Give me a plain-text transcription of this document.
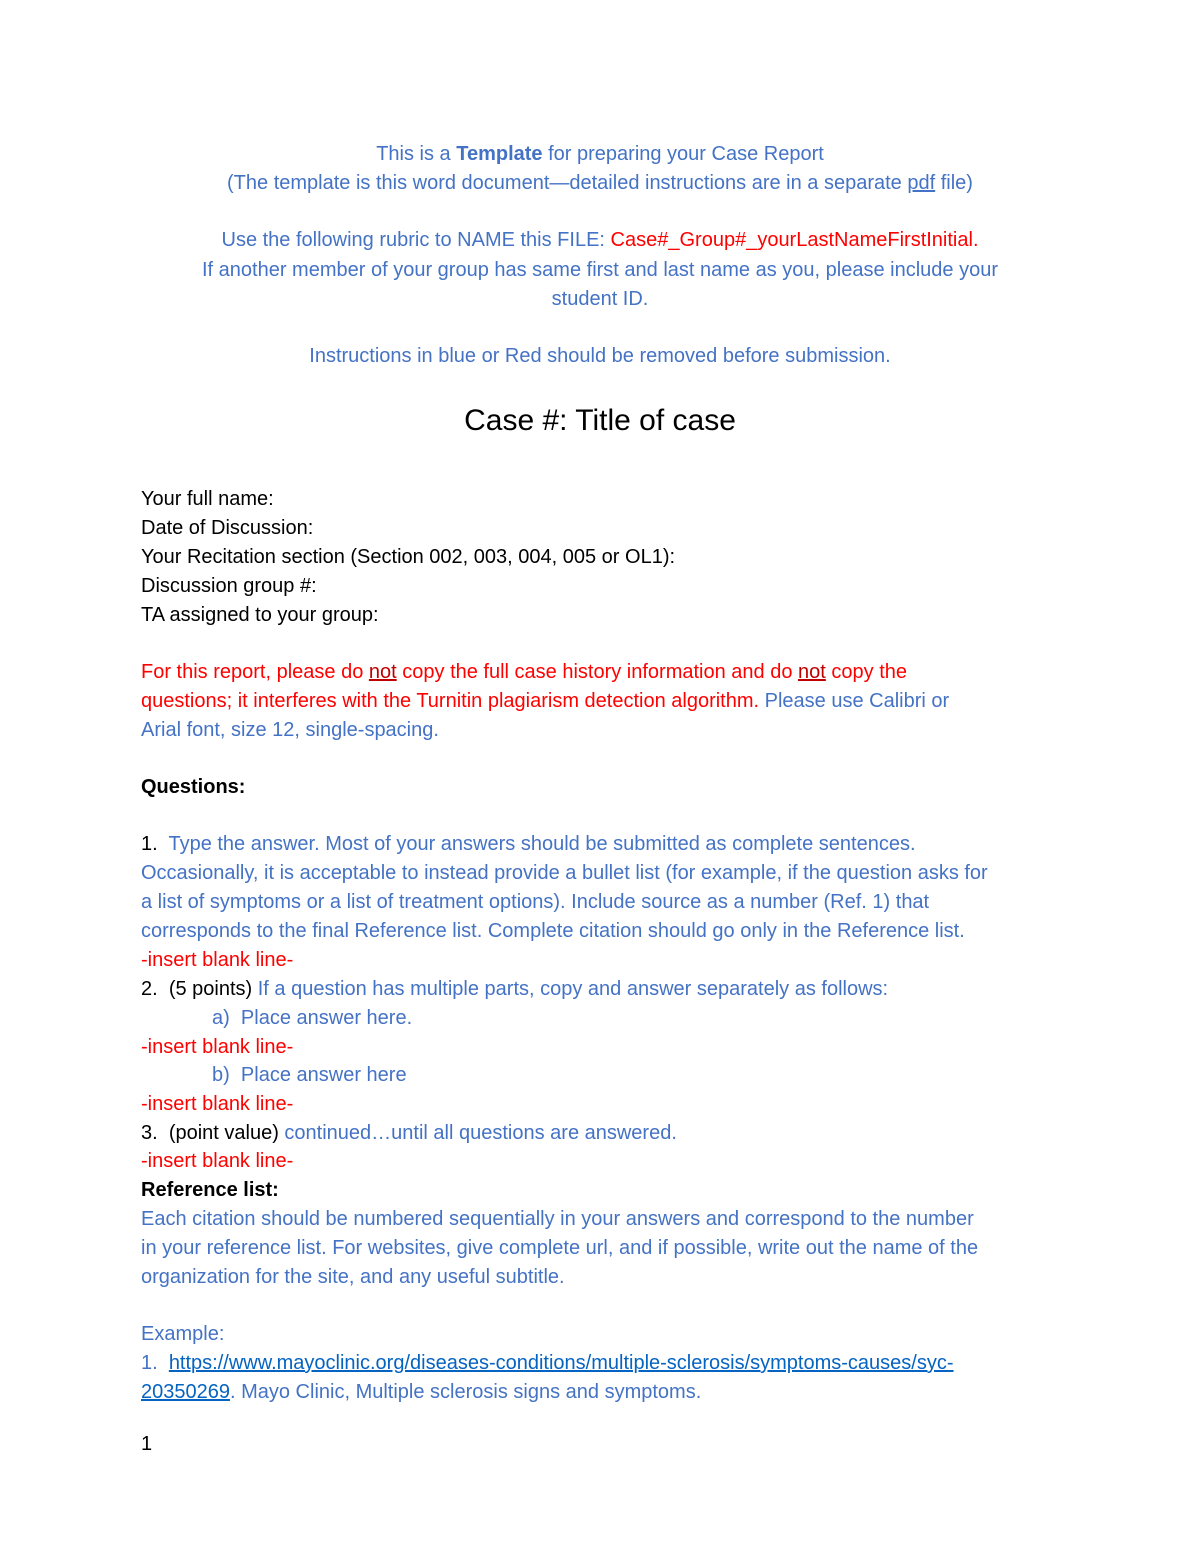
This is a Template for preparing your Case Report
(The template is this word document—detailed instructions are in a separate pdf file)
Use the following rubric to NAME this FILE: Case#_Group#_yourLastNameFirstInitial.
If another member of your group has same first and last name as you, please include your
student ID.
Instructions in blue or Red should be removed before submission.
Case #: Title of case
Your full name:
Date of Discussion:
Your Recitation section (Section 002, 003, 004, 005 or OL1):
Discussion group #:
TA assigned to your group:
For this report, please do not copy the full case history information and do not copy the
questions; it interferes with the Turnitin plagiarism detection algorithm. Please use Calibri or
Arial font, size 12, single-spacing.
Questions:
1. Type the answer. Most of your answers should be submitted as complete sentences.
Occasionally, it is acceptable to instead provide a bullet list (for example, if the question asks for
a list of symptoms or a list of treatment options). Include source as a number (Ref. 1) that
corresponds to the final Reference list. Complete citation should go only in the Reference list.
-insert blank line-
2. (5 points) If a question has multiple parts, copy and answer separately as follows:
a) Place answer here.
-insert blank line-
b) Place answer here
-insert blank line-
3. (point value) continued…until all questions are answered.
-insert blank line-
Reference list:
Each citation should be numbered sequentially in your answers and correspond to the number
in your reference list. For websites, give complete url, and if possible, write out the name of the
organization for the site, and any useful subtitle.
Example:
1. https://www.mayoclinic.org/diseases-conditions/multiple-sclerosis/symptoms-causes/syc-
20350269. Mayo Clinic, Multiple sclerosis signs and symptoms.
1
